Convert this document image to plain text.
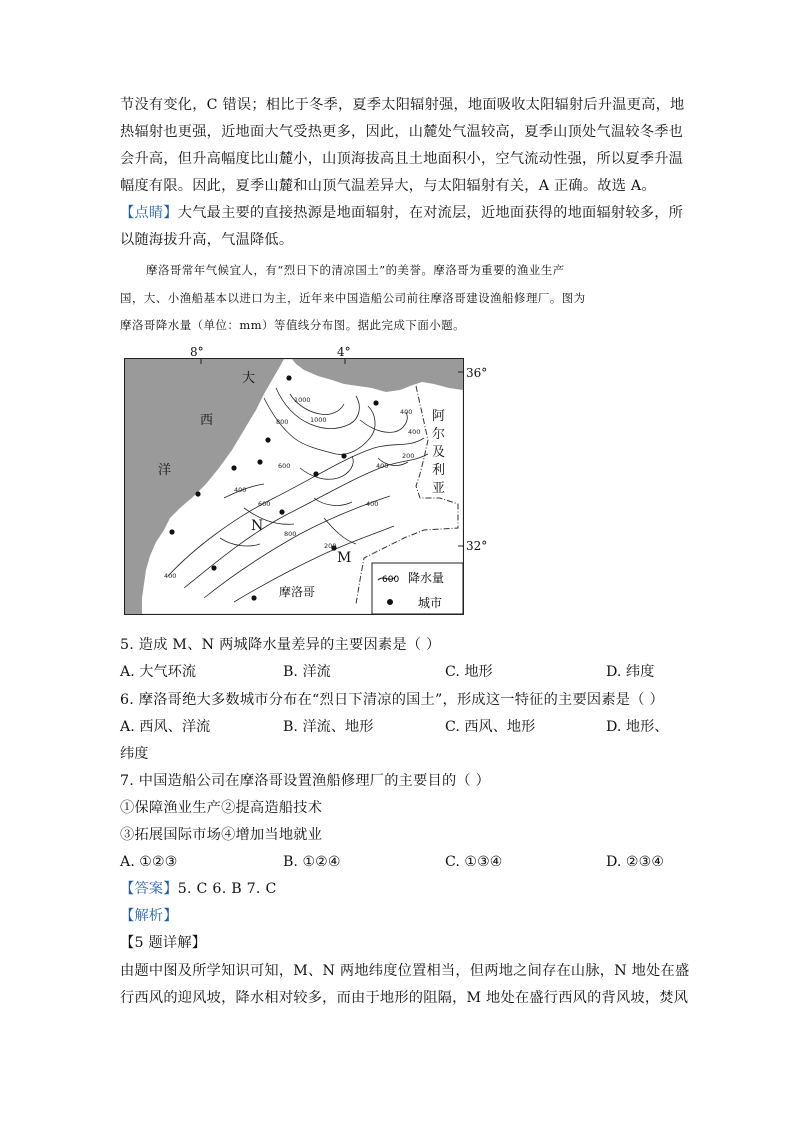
节没有变化，C 错误；相比于冬季，夏季太阳辐射强，地面吸收太阳辐射后升温更高，地
热辐射也更强，近地面大气受热更多，因此，山麓处气温较高，夏季山顶处气温较冬季也
会升高，但升高幅度比山麓小，山顶海拔高且土地面积小，空气流动性强，所以夏季升温
幅度有限。因此，夏季山麓和山顶气温差异大，与太阳辐射有关，A 正确。故选 A。
【点睛】大气最主要的直接热源是地面辐射，在对流层，近地面获得的地面辐射较多，所
以随海拔升高，气温降低。
摩洛哥常年气候宜人，有“烈日下的清凉国土”的美誉。摩洛哥为重要的渔业生产
国，大、小渔船基本以进口为主，近年来中国造船公司前往摩洛哥建设渔船修理厂。图为
摩洛哥降水量（单位：mm）等值线分布图。据此完成下面小题。
1000
1000
800
600
600
400
400
400
400
400
400
200
200
800
大
西
洋
阿
尔
及
利
亚
摩洛哥
N
M
600 降水量
城市
8°	4°
36°
32°
5. 造成 M、N 两城降水量差异的主要因素是（ ）
A. 大气环流	B. 洋流	C. 地形	D. 纬度
6. 摩洛哥绝大多数城市分布在“烈日下清凉的国土”，形成这一特征的主要因素是（ ）
A. 西风、洋流	B. 洋流、地形	C. 西风、地形	D. 地形、
纬度
7. 中国造船公司在摩洛哥设置渔船修理厂的主要目的（ ）
①保障渔业生产②提高造船技术
③拓展国际市场④增加当地就业
A. ①②③	B. ①②④	C. ①③④	D. ②③④
【答案】5. C 6. B 7. C
【解析】
【5 题详解】
由题中图及所学知识可知，M、N 两地纬度位置相当，但两地之间存在山脉，N 地处在盛
行西风的迎风坡，降水相对较多，而由于地形的阻隔，M 地处在盛行西风的背风坡，焚风
